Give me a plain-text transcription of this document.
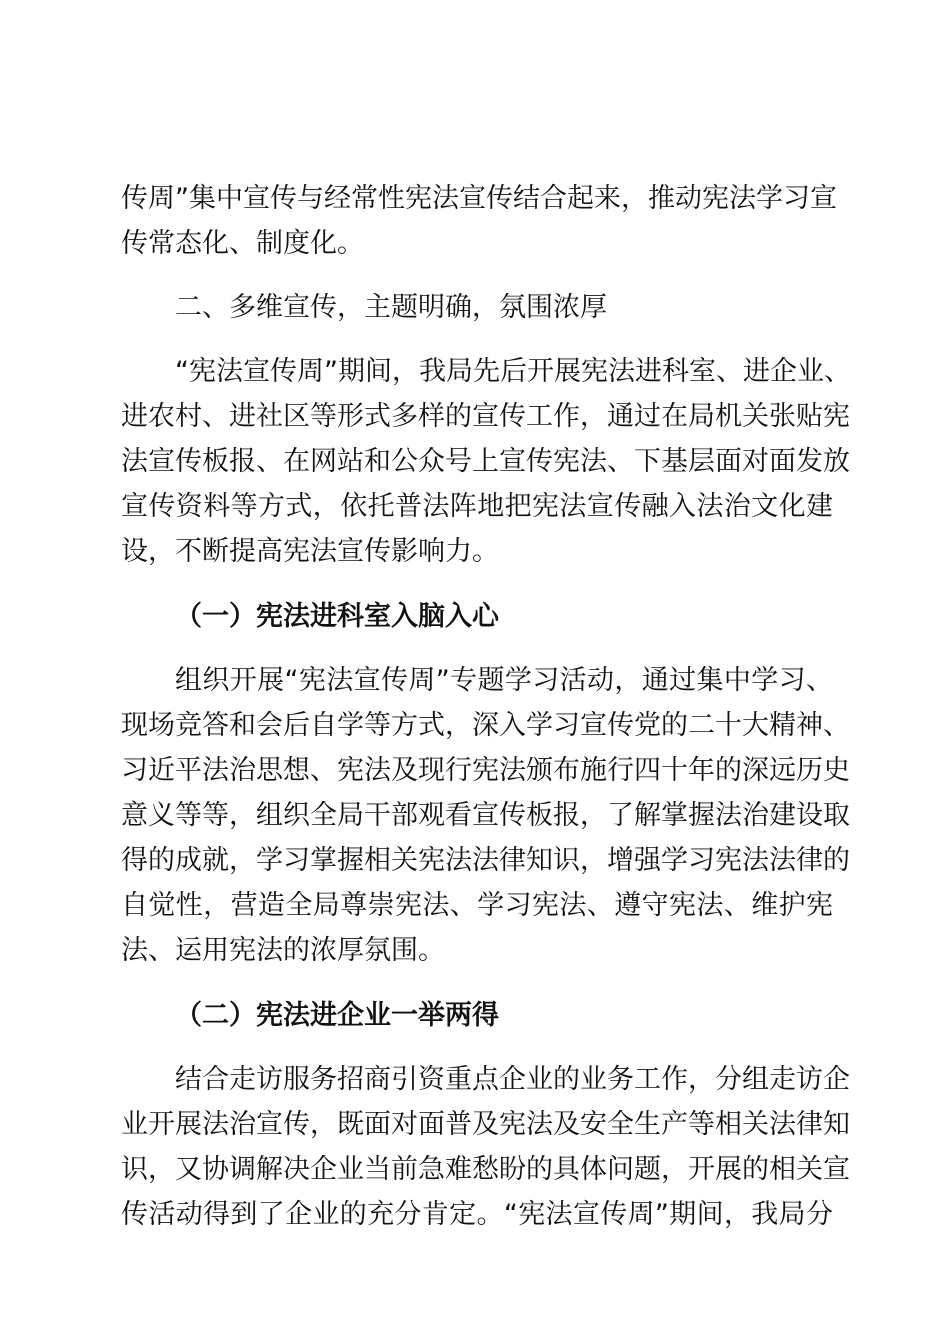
传周”集中宣传与经常性宪法宣传结合起来，推动宪法学习宣
传常态化、制度化。
二、多维宣传，主题明确，氛围浓厚
“宪法宣传周”期间，我局先后开展宪法进科室、进企业、
进农村、进社区等形式多样的宣传工作，通过在局机关张贴宪
法宣传板报、在网站和公众号上宣传宪法、下基层面对面发放
宣传资料等方式，依托普法阵地把宪法宣传融入法治文化建
设，不断提高宪法宣传影响力。
（一）宪法进科室入脑入心
组织开展“宪法宣传周”专题学习活动，通过集中学习、
现场竞答和会后自学等方式，深入学习宣传党的二十大精神、
习近平法治思想、宪法及现行宪法颁布施行四十年的深远历史
意义等等，组织全局干部观看宣传板报，了解掌握法治建设取
得的成就，学习掌握相关宪法法律知识，增强学习宪法法律的
自觉性，营造全局尊崇宪法、学习宪法、遵守宪法、维护宪
法、运用宪法的浓厚氛围。
（二）宪法进企业一举两得
结合走访服务招商引资重点企业的业务工作，分组走访企
业开展法治宣传，既面对面普及宪法及安全生产等相关法律知
识，又协调解决企业当前急难愁盼的具体问题，开展的相关宣
传活动得到了企业的充分肯定。“宪法宣传周”期间，我局分
